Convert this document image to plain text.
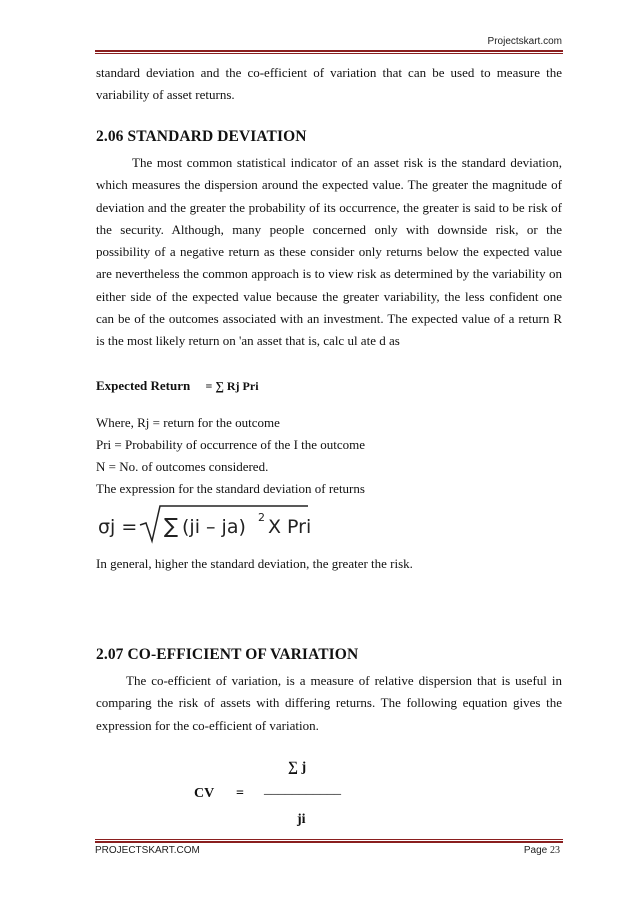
Projectskart.com
standard deviation and the co-efficient of variation that can be used to measure the variability of asset returns.
2.06 STANDARD DEVIATION
The most common statistical indicator of an asset risk is the standard deviation, which measures the dispersion around the expected value. The greater the magnitude of deviation and the greater the probability of its occurrence, the greater is said to be risk of the security. Although, many people concerned only with downside risk, or the possibility of a negative return as these consider only returns below the expected value are nevertheless the common approach is to view risk as determined by the variability on either side of the expected value because the greater variability, the less confident one can be of the outcomes associated with an investment. The expected value of a return R is the most likely return on 'an asset that is, calc ul ate d as
Expected Return = ∑ Rj Pri
Where, Rj = return for the outcome
Pri = Probability of occurrence of the I the outcome
N = No. of outcomes considered.
The expression for the standard deviation of returns
σj = ∑ (ji – ja) 2 X Pri
In general, higher the standard deviation, the greater the risk.
2.07 CO-EFFICIENT OF VARIATION
The co-efficient of variation, is a measure of relative dispersion that is useful in comparing the risk of assets with differing returns. The following equation gives the expression for the co-efficient of variation.
∑ j
CV = ___________
ji
PROJECTSKART.COM	Page 23
